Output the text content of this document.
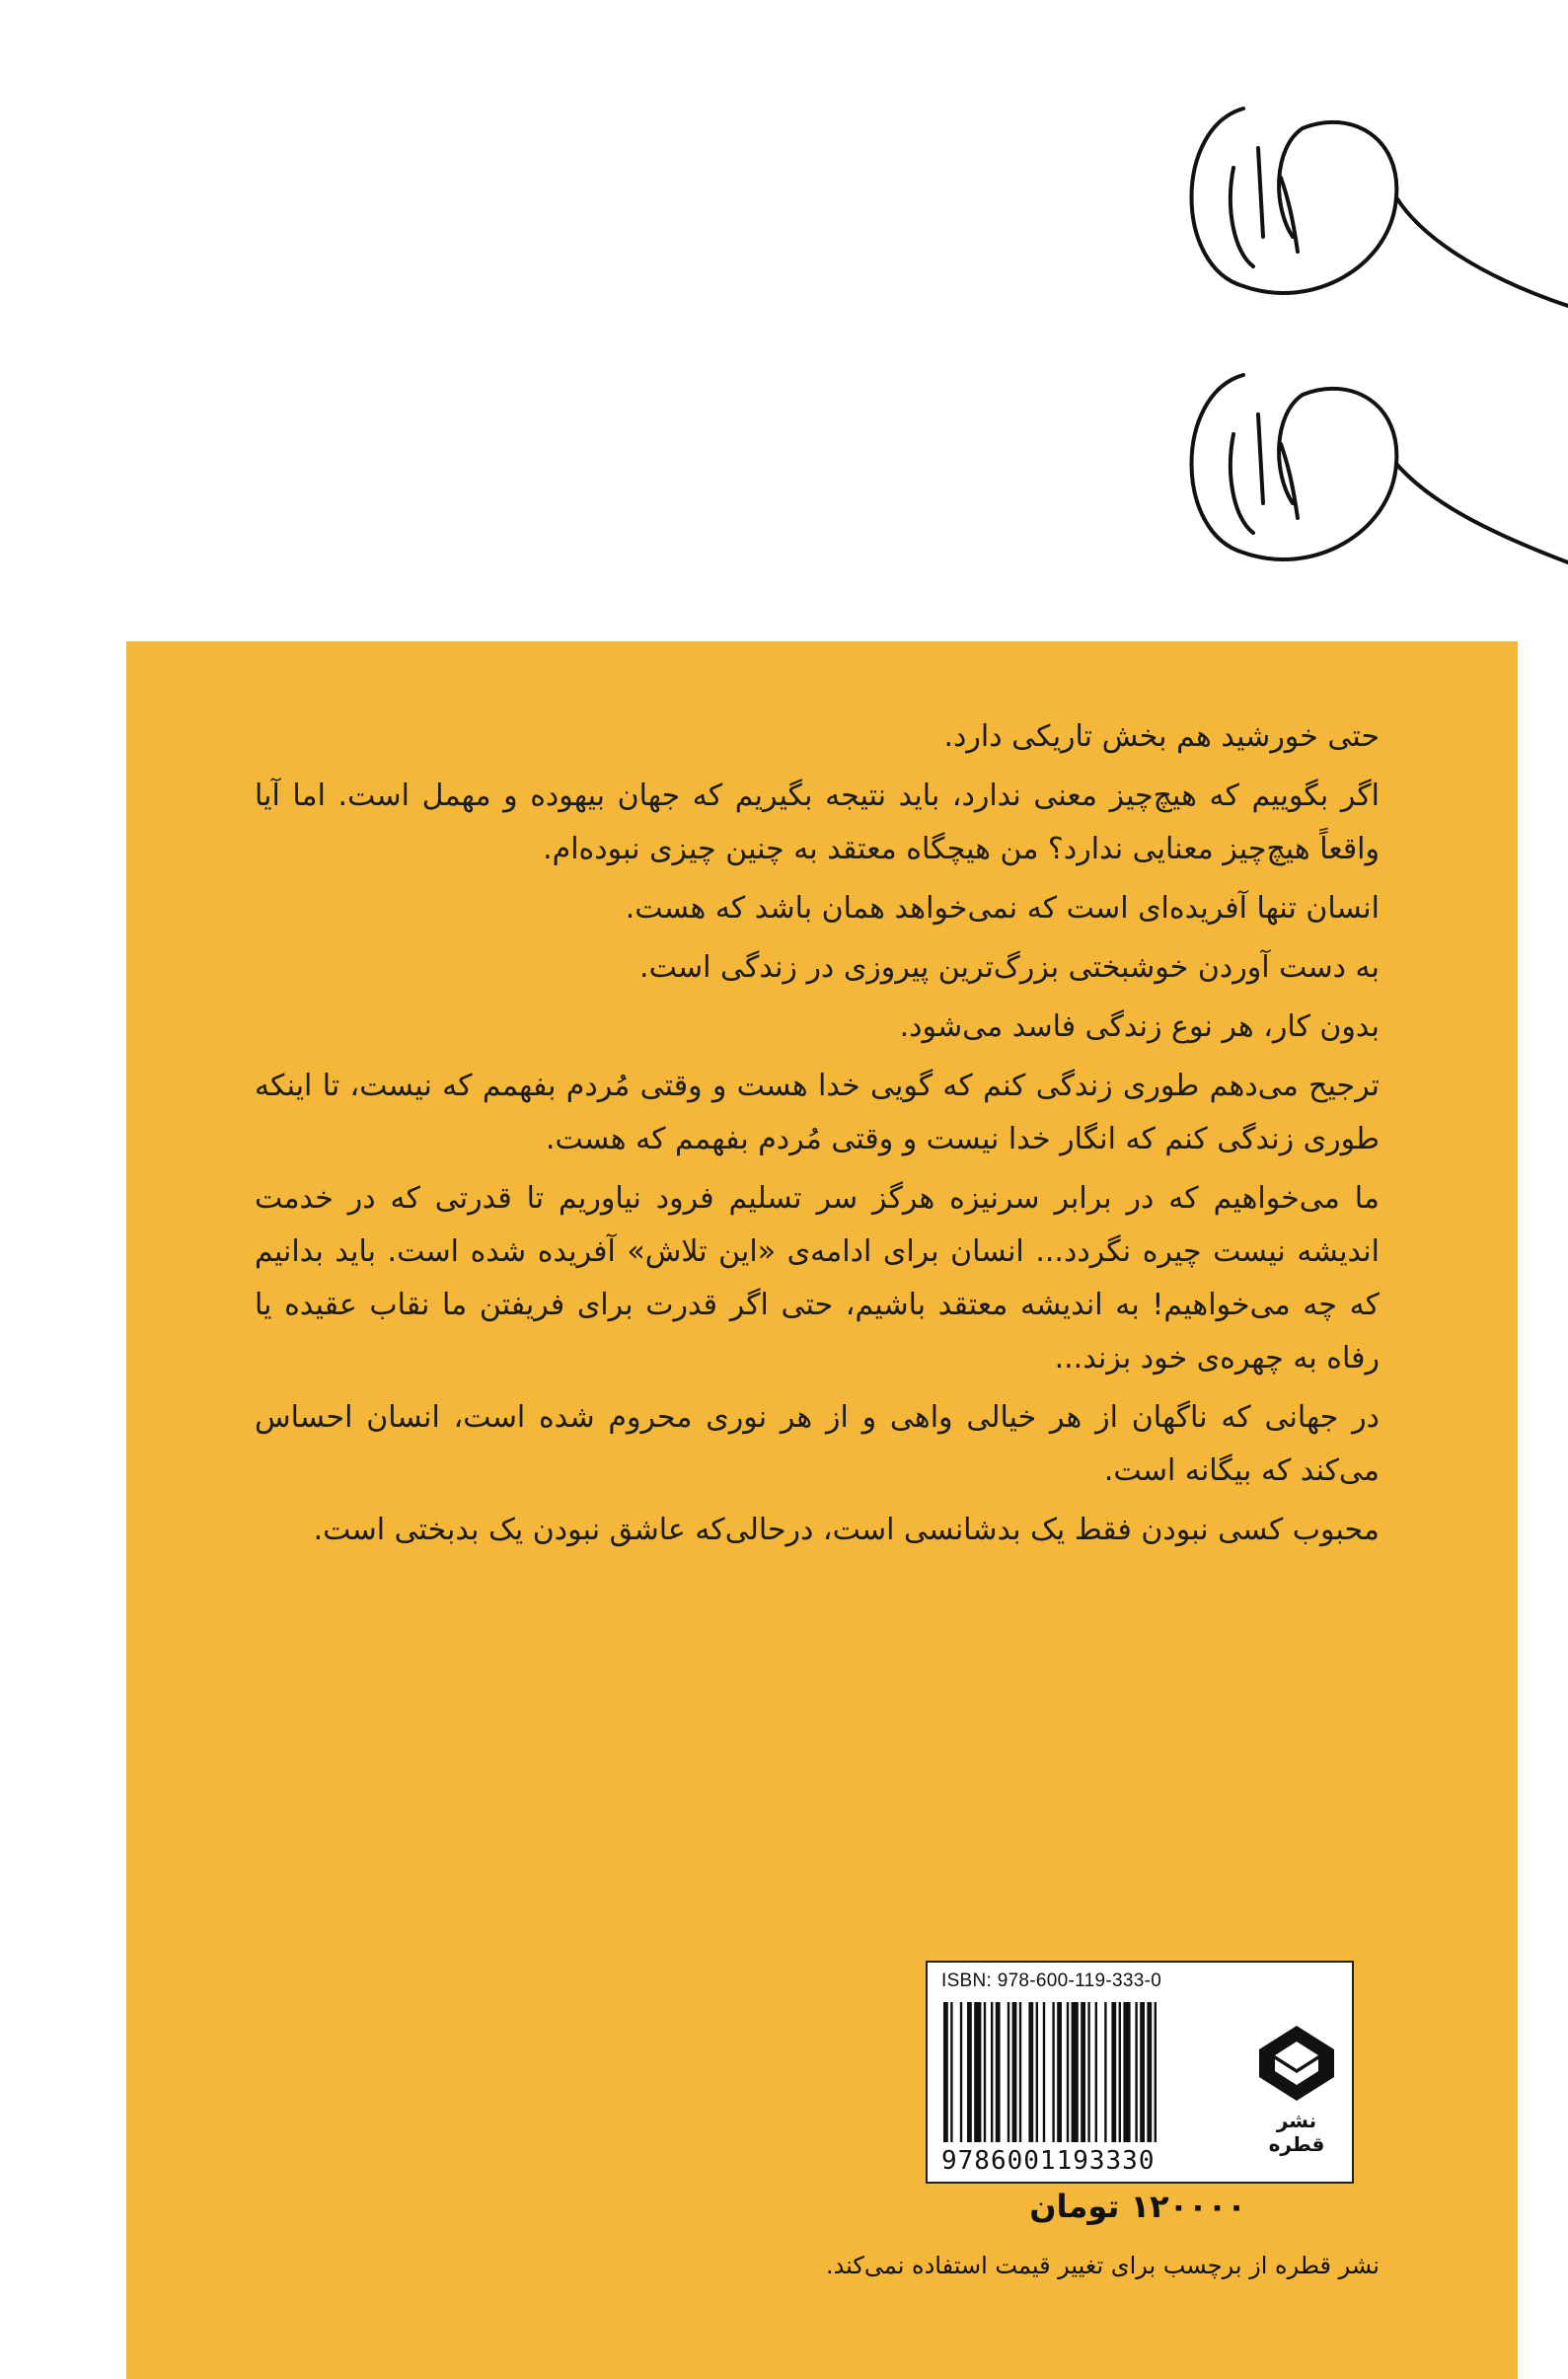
حتی خورشید هم بخش تاریکی دارد.

اگر بگوییم که هیچ‌چیز معنی ندارد، باید نتیجه بگیریم که جهان بیهوده و مهمل است. اما آیا واقعاً هیچ‌چیز معنایی ندارد؟ من هیچگاه معتقد به چنین چیزی نبوده‌ام.

انسان تنها آفریده‌ای است که نمی‌خواهد همان باشد که هست.

به دست آوردن خوشبختی بزرگ‌ترین پیروزی در زندگی است.

بدون کار، هر نوع زندگی فاسد می‌شود.

ترجیح می‌دهم طوری زندگی کنم که گویی خدا هست و وقتی مُردم بفهمم که نیست، تا اینکه طوری زندگی کنم که انگار خدا نیست و وقتی مُردم بفهمم که هست.

ما می‌خواهیم که در برابر سرنیزه هرگز سر تسلیم فرود نیاوریم تا قدرتی که در خدمت اندیشه نیست چیره نگردد... انسان برای ادامه‌ی «این تلاش» آفریده شده است. باید بدانیم که چه می‌خواهیم! به اندیشه معتقد باشیم، حتی اگر قدرت برای فریفتن ما نقاب عقیده یا رفاه به چهره‌ی خود بزند...

در جهانی که ناگهان از هر خیالی واهی و از هر نوری محروم شده است، انسان احساس می‌کند که بیگانه است.

محبوب کسی نبودن فقط یک بدشانسی است، درحالی‌که عاشق نبودن یک بدبختی است.

ISBN: 978-600-119-333-0
9786001193330
نشر قطره
۱۲۰۰۰۰ تومان
نشر قطره از برچسب برای تغییر قیمت استفاده نمی‌کند.
